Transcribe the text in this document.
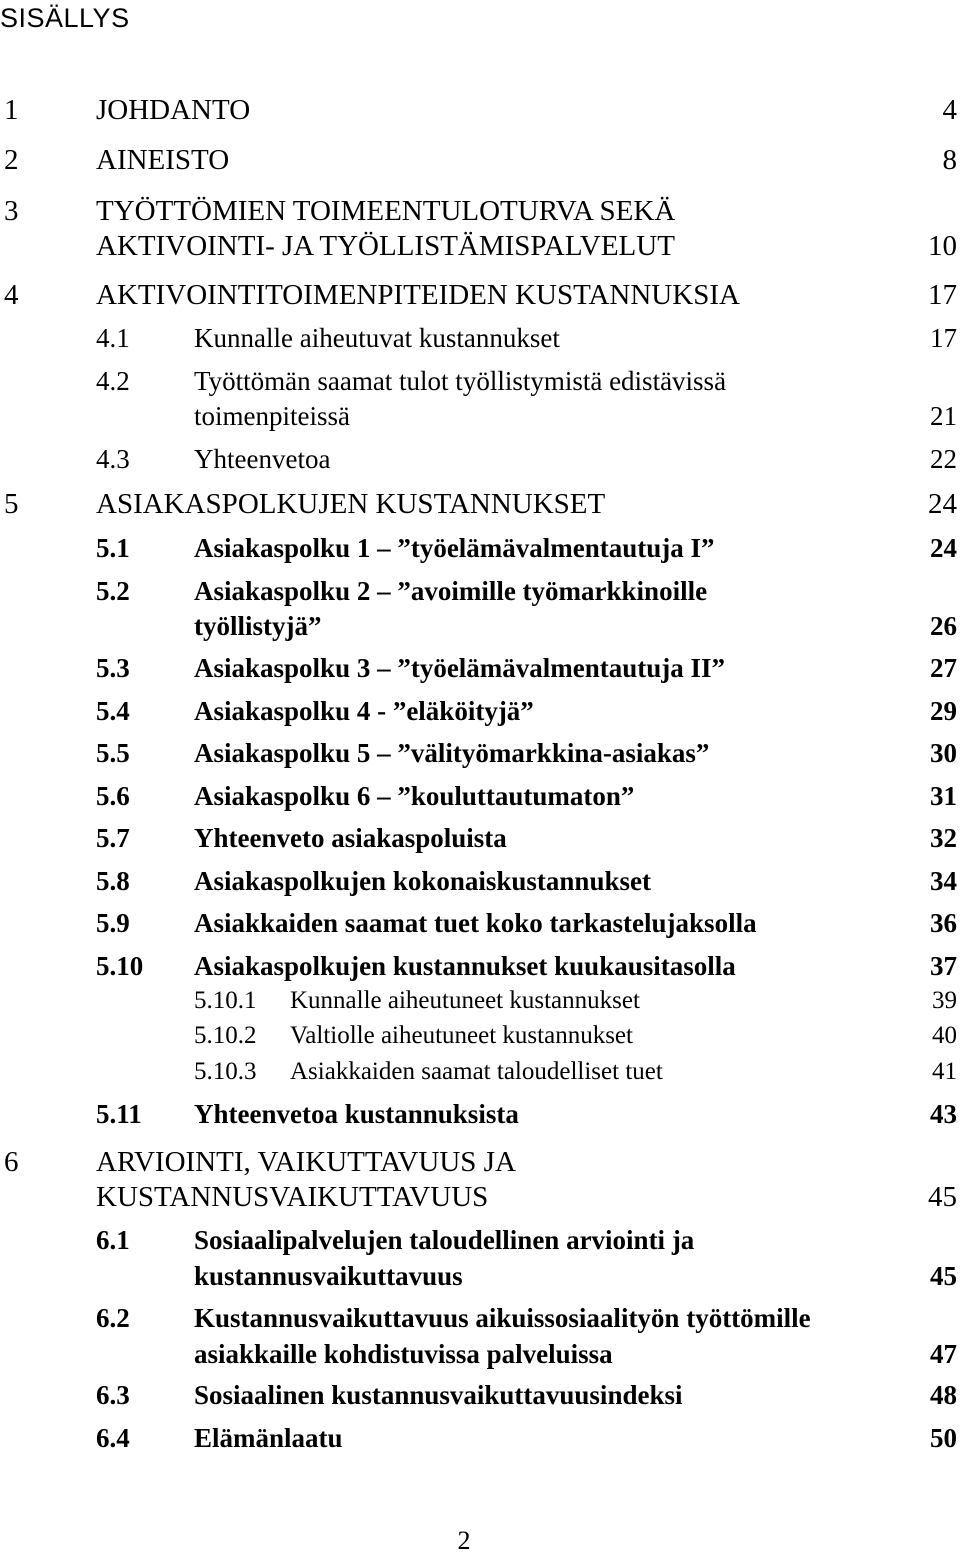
SISÄLLYS
1	JOHDANTO	4
2	AINEISTO	8
3	TYÖTTÖMIEN TOIMEENTULOTURVA SEKÄ
AKTIVOINTI- JA TYÖLLISTÄMISPALVELUT	10
4	AKTIVOINTITOIMENPITEIDEN KUSTANNUKSIA	17
4.1 Kunnalle aiheutuvat kustannukset	17
4.2 Työttömän saamat tulot työllistymistä edistävissä
toimenpiteissä	21
4.3 Yhteenvetoa	22
5	ASIAKASPOLKUJEN KUSTANNUKSET	24
5.1 Asiakaspolku 1 – ”työelämävalmentautuja I”	24
5.2 Asiakaspolku 2 – ”avoimille työmarkkinoille
työllistyjä”	26
5.3 Asiakaspolku 3 – ”työelämävalmentautuja II”	27
5.4 Asiakaspolku 4 - ”eläköityjä”	29
5.5 Asiakaspolku 5 – ”välityömarkkina-asiakas”	30
5.6 Asiakaspolku 6 – ”kouluttautumaton”	31
5.7 Yhteenveto asiakaspoluista	32
5.8 Asiakaspolkujen kokonaiskustannukset	34
5.9 Asiakkaiden saamat tuet koko tarkastelujaksolla	36
5.10 Asiakaspolkujen kustannukset kuukausitasolla	37
5.10.1 Kunnalle aiheutuneet kustannukset	39
5.10.2 Valtiolle aiheutuneet kustannukset	40
5.10.3 Asiakkaiden saamat taloudelliset tuet	41
5.11 Yhteenvetoa kustannuksista	43
6	ARVIOINTI, VAIKUTTAVUUS JA
KUSTANNUSVAIKUTTAVUUS	45
6.1 Sosiaalipalvelujen taloudellinen arviointi ja
kustannusvaikuttavuus	45
6.2 Kustannusvaikuttavuus aikuissosiaalityön työttömille
asiakkaille kohdistuvissa palveluissa	47
6.3 Sosiaalinen kustannusvaikuttavuusindeksi	48
6.4 Elämänlaatu	50
2
